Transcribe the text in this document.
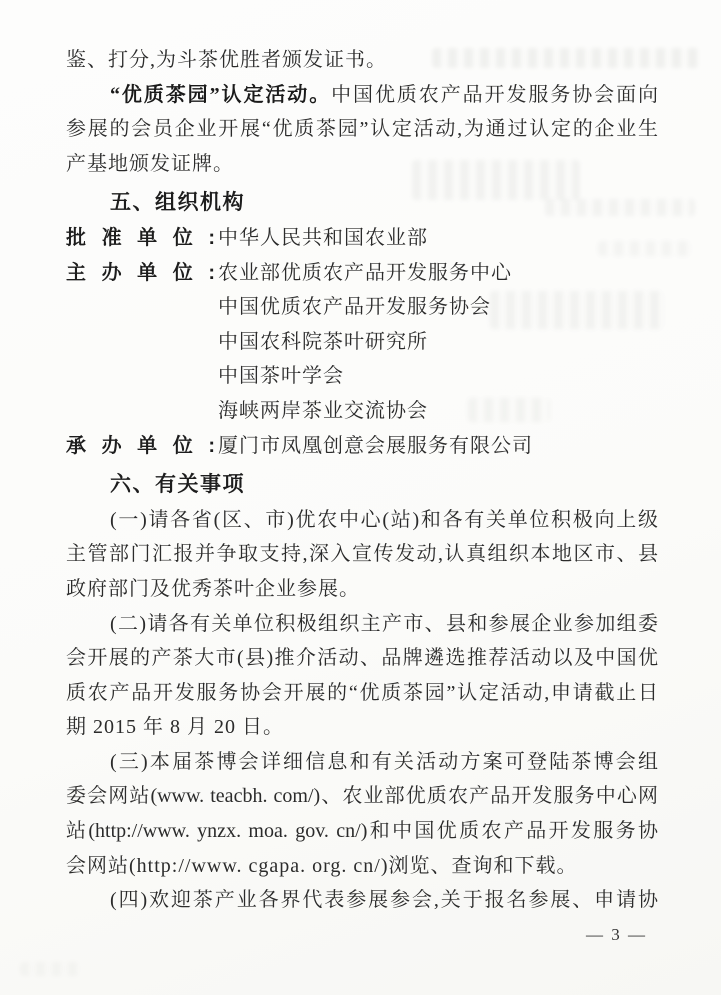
鉴、打分,为斗茶优胜者颁发证书。
“优质茶园”认定活动。中国优质农产品开发服务协会面向
参展的会员企业开展“优质茶园”认定活动,为通过认定的企业生
产基地颁发证牌。
五、组织机构
批准单位: 中华人民共和国农业部
主办单位: 农业部优质农产品开发服务中心
中国优质农产品开发服务协会
中国农科院茶叶研究所
中国茶叶学会
海峡两岸茶业交流协会
承办单位: 厦门市凤凰创意会展服务有限公司
六、有关事项
(一)请各省(区、市)优农中心(站)和各有关单位积极向上级
主管部门汇报并争取支持,深入宣传发动,认真组织本地区市、县
政府部门及优秀茶叶企业参展。
(二)请各有关单位积极组织主产市、县和参展企业参加组委
会开展的产茶大市(县)推介活动、品牌遴选推荐活动以及中国优
质农产品开发服务协会开展的“优质茶园”认定活动,申请截止日
期 2015 年 8 月 20 日。
(三)本届茶博会详细信息和有关活动方案可登陆茶博会组
委会网站(www. teacbh. com/)、农业部优质农产品开发服务中心网
站(http://www. ynzx. moa. gov. cn/)和中国优质农产品开发服务协
会网站(http://www. cgapa. org. cn/)浏览、查询和下载。
(四)欢迎茶产业各界代表参展参会,关于报名参展、申请协
— 3 —
